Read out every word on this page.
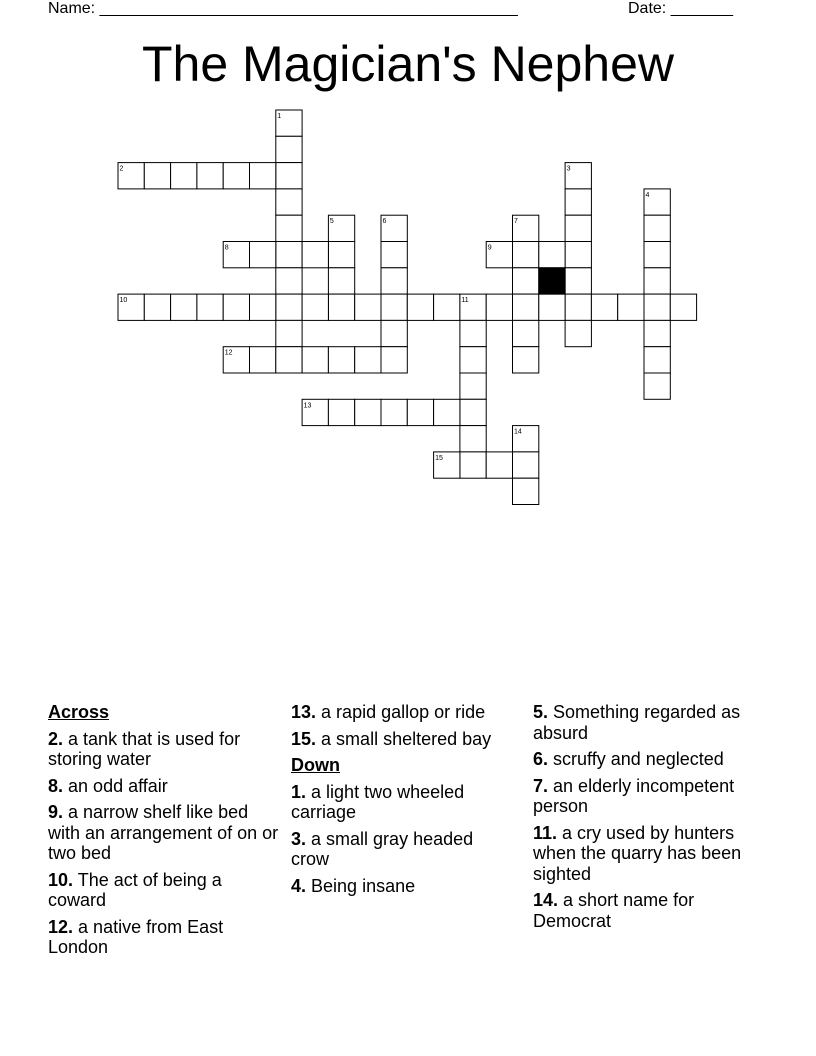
Name: _______________________________________________	Date: _______
The Magician's Nephew
1
2	3
4
5	6	7
8	9
10	11
12
13
14
15
Across
2. a tank that is used for storing water
8. an odd affair
9. a narrow shelf like bed with an arrangement of on or two bed
10. The act of being a coward
12. a native from East London
13. a rapid gallop or ride
15. a small sheltered bay
Down
1. a light two wheeled carriage
3. a small gray headed crow
4. Being insane
5. Something regarded as absurd
6. scruffy and neglected
7. an elderly incompetent person
11. a cry used by hunters when the quarry has been sighted
14. a short name for Democrat
